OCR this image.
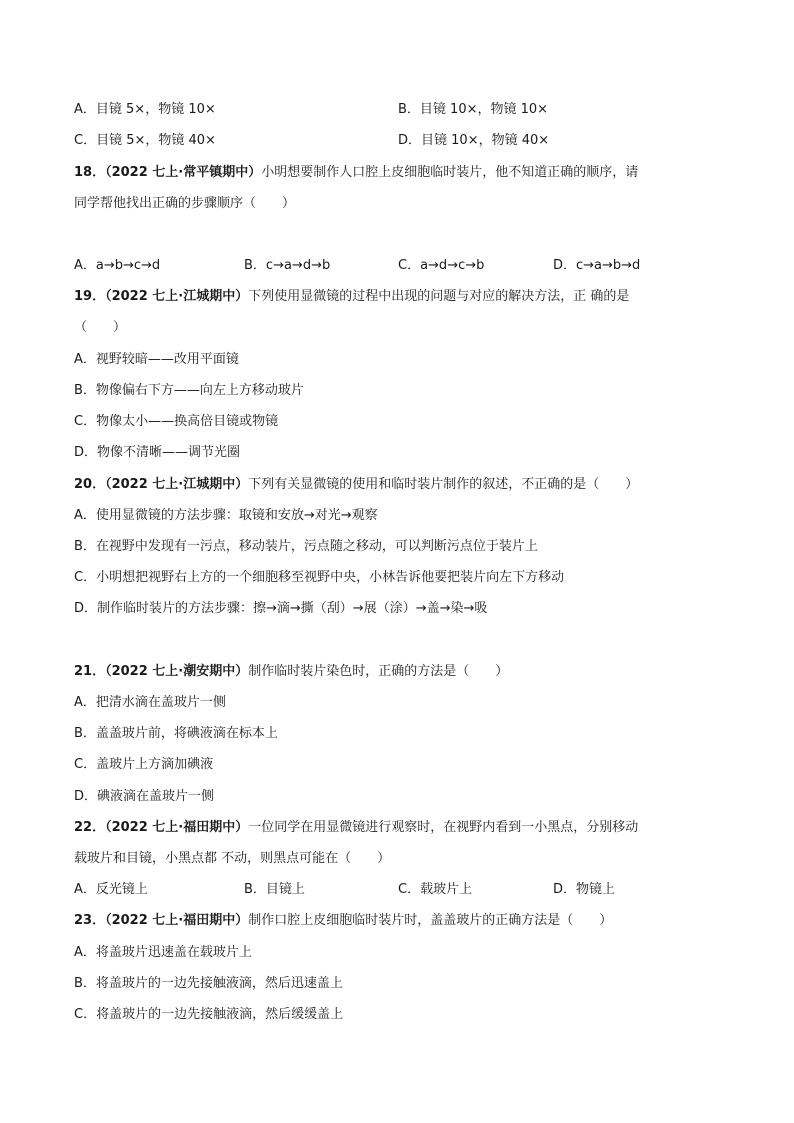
A．目镜 5×，物镜 10×	B．目镜 10×，物镜 10×
C．目镜 5×，物镜 40×	D．目镜 10×，物镜 40×
18．（2022 七上·常平镇期中）小明想要制作人口腔上皮细胞临时装片，他不知道正确的顺序，请
同学帮他找出正确的步骤顺序（　　）
A．a→b→c→d	B．c→a→d→b	C．a→d→c→b	D．c→a→b→d
19．（2022 七上·江城期中）下列使用显微镜的过程中出现的问题与对应的解决方法，正 确的是
（　　）
A．视野较暗——改用平面镜
B．物像偏右下方——向左上方移动玻片
C．物像太小——换高倍目镜或物镜
D．物像不清晰——调节光圈
20．（2022 七上·江城期中）下列有关显微镜的使用和临时装片制作的叙述，不正确的是（　　）
A．使用显微镜的方法步骤：取镜和安放→对光→观察
B．在视野中发现有一污点，移动装片，污点随之移动，可以判断污点位于装片上
C．小明想把视野右上方的一个细胞移至视野中央，小林告诉他要把装片向左下方移动
D．制作临时装片的方法步骤：擦→滴→撕（刮）→展（涂）→盖→染→吸
21．（2022 七上·潮安期中）制作临时装片染色时，正确的方法是（　　）
A．把清水滴在盖玻片一侧
B．盖盖玻片前，将碘液滴在标本上
C．盖玻片上方滴加碘液
D．碘液滴在盖玻片一侧
22．（2022 七上·福田期中）一位同学在用显微镜进行观察时，在视野内看到一小黑点，分别移动
载玻片和目镜，小黑点都 不动，则黑点可能在（　　）
A．反光镜上	B．目镜上	C．载玻片上	D．物镜上
23．（2022 七上·福田期中）制作口腔上皮细胞临时装片时，盖盖玻片的正确方法是（　　）
A．将盖玻片迅速盖在载玻片上
B．将盖玻片的一边先接触液滴，然后迅速盖上
C．将盖玻片的一边先接触液滴，然后缓缓盖上
